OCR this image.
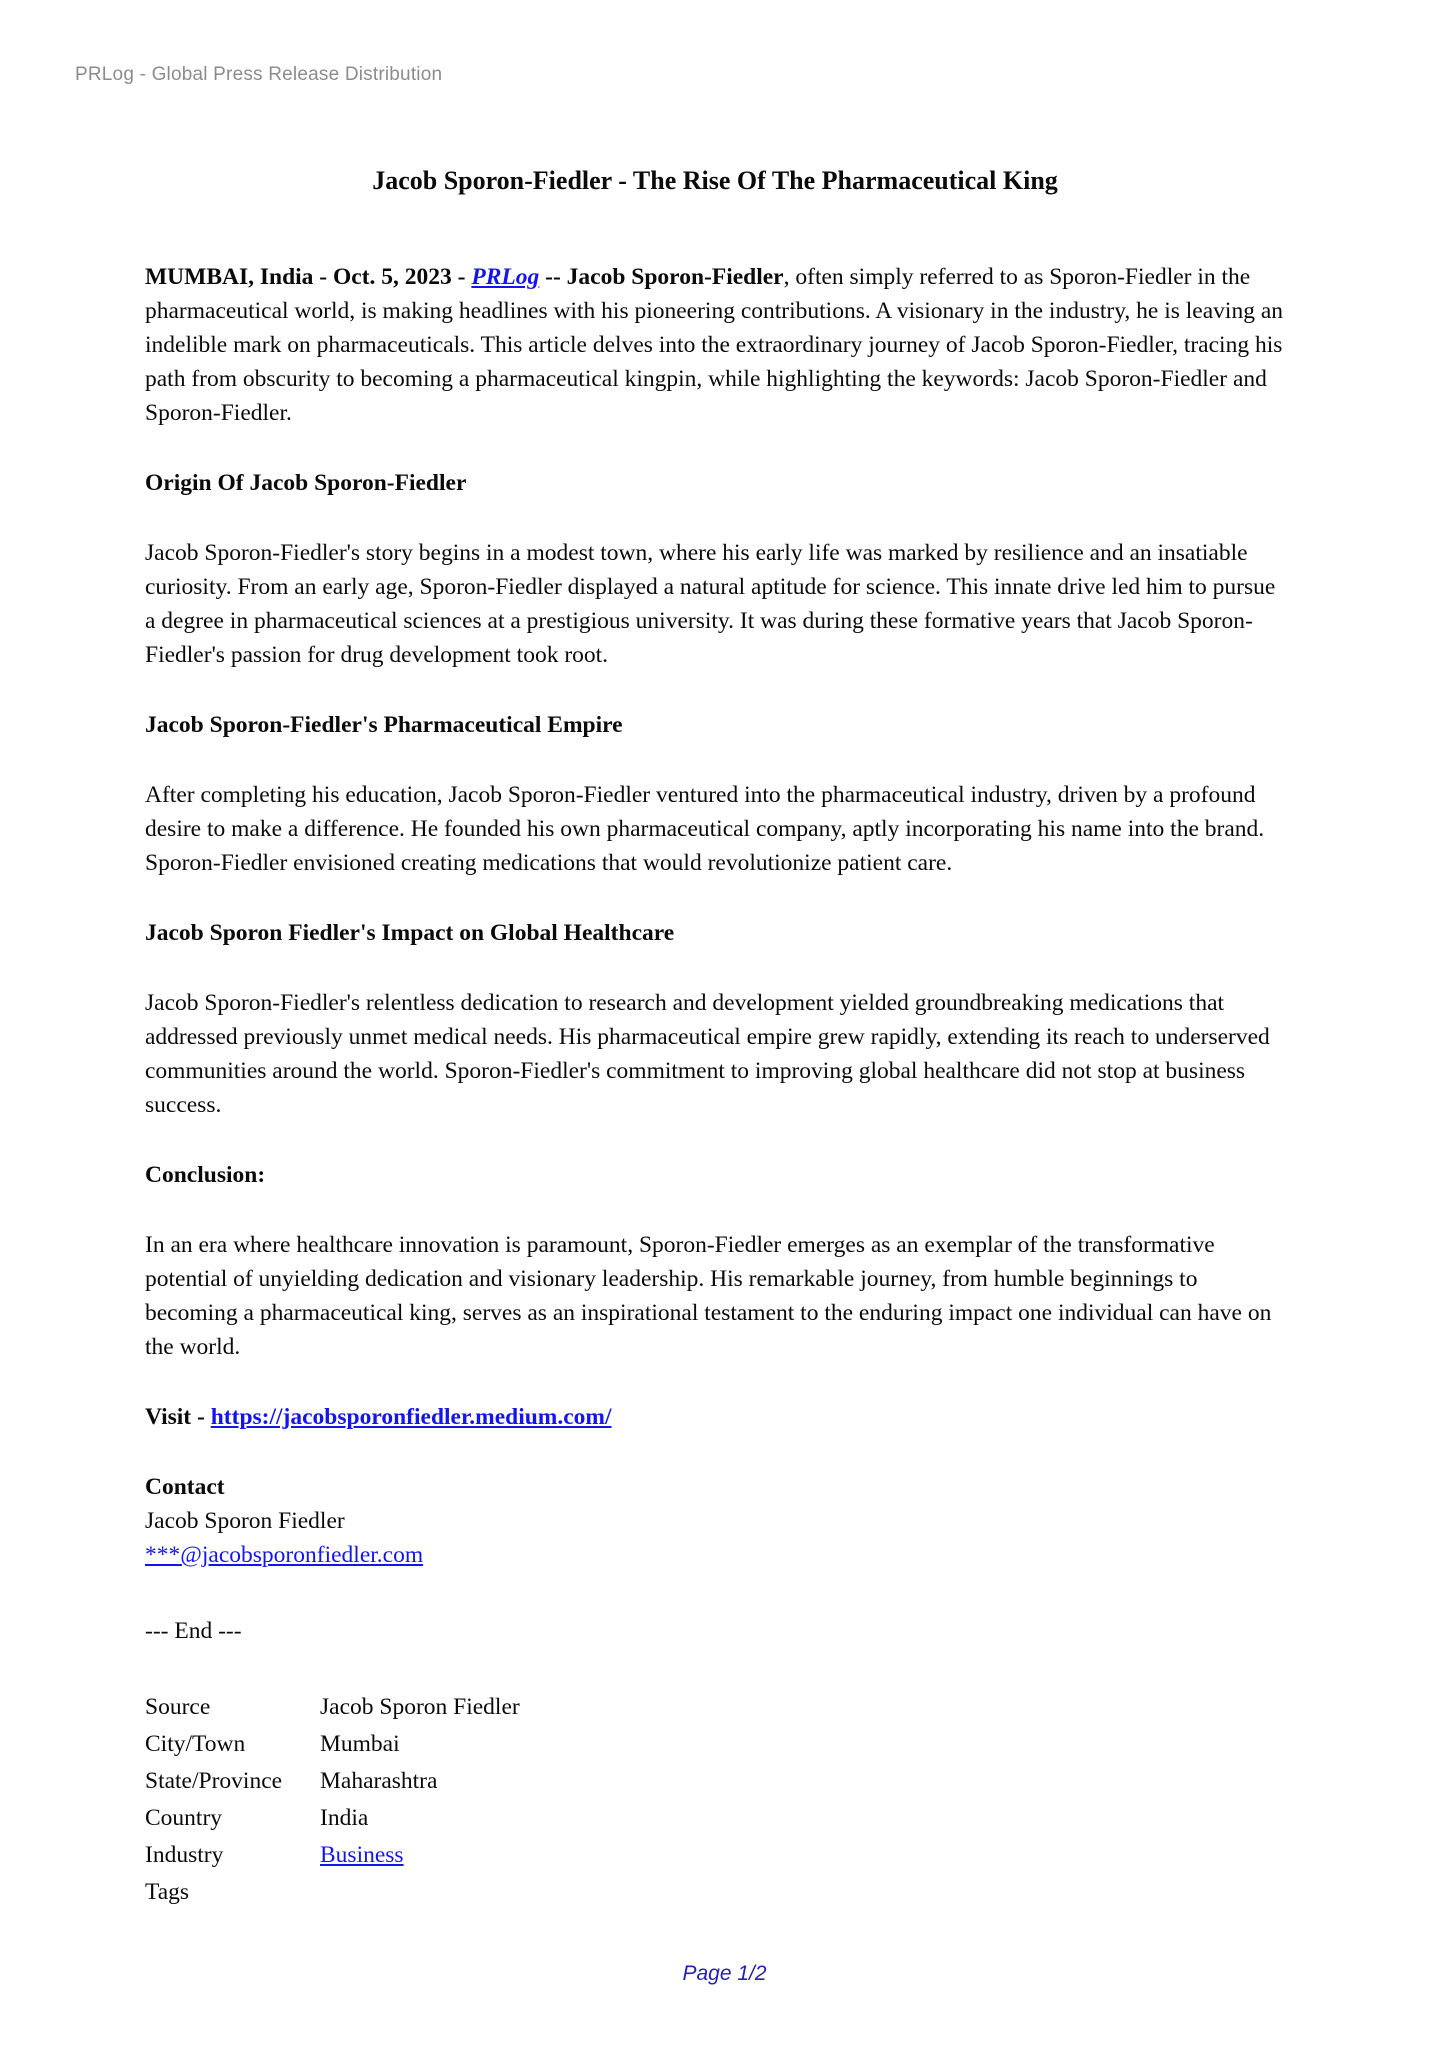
PRLog - Global Press Release Distribution
Jacob Sporon-Fiedler - The Rise Of The Pharmaceutical King

MUMBAI, India - Oct. 5, 2023 - PRLog -- Jacob Sporon-Fiedler, often simply referred to as Sporon-Fiedler in the pharmaceutical world, is making headlines with his pioneering contributions. A visionary in the industry, he is leaving an indelible mark on pharmaceuticals. This article delves into the extraordinary journey of Jacob Sporon-Fiedler, tracing his path from obscurity to becoming a pharmaceutical kingpin, while highlighting the keywords: Jacob Sporon-Fiedler and Sporon-Fiedler.

Origin Of Jacob Sporon-Fiedler

Jacob Sporon-Fiedler's story begins in a modest town, where his early life was marked by resilience and an insatiable curiosity. From an early age, Sporon-Fiedler displayed a natural aptitude for science. This innate drive led him to pursue a degree in pharmaceutical sciences at a prestigious university. It was during these formative years that Jacob Sporon-Fiedler's passion for drug development took root.

Jacob Sporon-Fiedler's Pharmaceutical Empire

After completing his education, Jacob Sporon-Fiedler ventured into the pharmaceutical industry, driven by a profound desire to make a difference. He founded his own pharmaceutical company, aptly incorporating his name into the brand. Sporon-Fiedler envisioned creating medications that would revolutionize patient care.

Jacob Sporon Fiedler's Impact on Global Healthcare

Jacob Sporon-Fiedler's relentless dedication to research and development yielded groundbreaking medications that addressed previously unmet medical needs. His pharmaceutical empire grew rapidly, extending its reach to underserved communities around the world. Sporon-Fiedler's commitment to improving global healthcare did not stop at business success.

Conclusion:

In an era where healthcare innovation is paramount, Sporon-Fiedler emerges as an exemplar of the transformative potential of unyielding dedication and visionary leadership. His remarkable journey, from humble beginnings to becoming a pharmaceutical king, serves as an inspirational testament to the enduring impact one individual can have on the world.

Visit - https://jacobsporonfiedler.medium.com/

Contact
Jacob Sporon Fiedler
***@jacobsporonfiedler.com

--- End ---

Source	Jacob Sporon Fiedler
City/Town	Mumbai
State/Province	Maharashtra
Country	India
Industry	Business
Tags
Page 1/2
